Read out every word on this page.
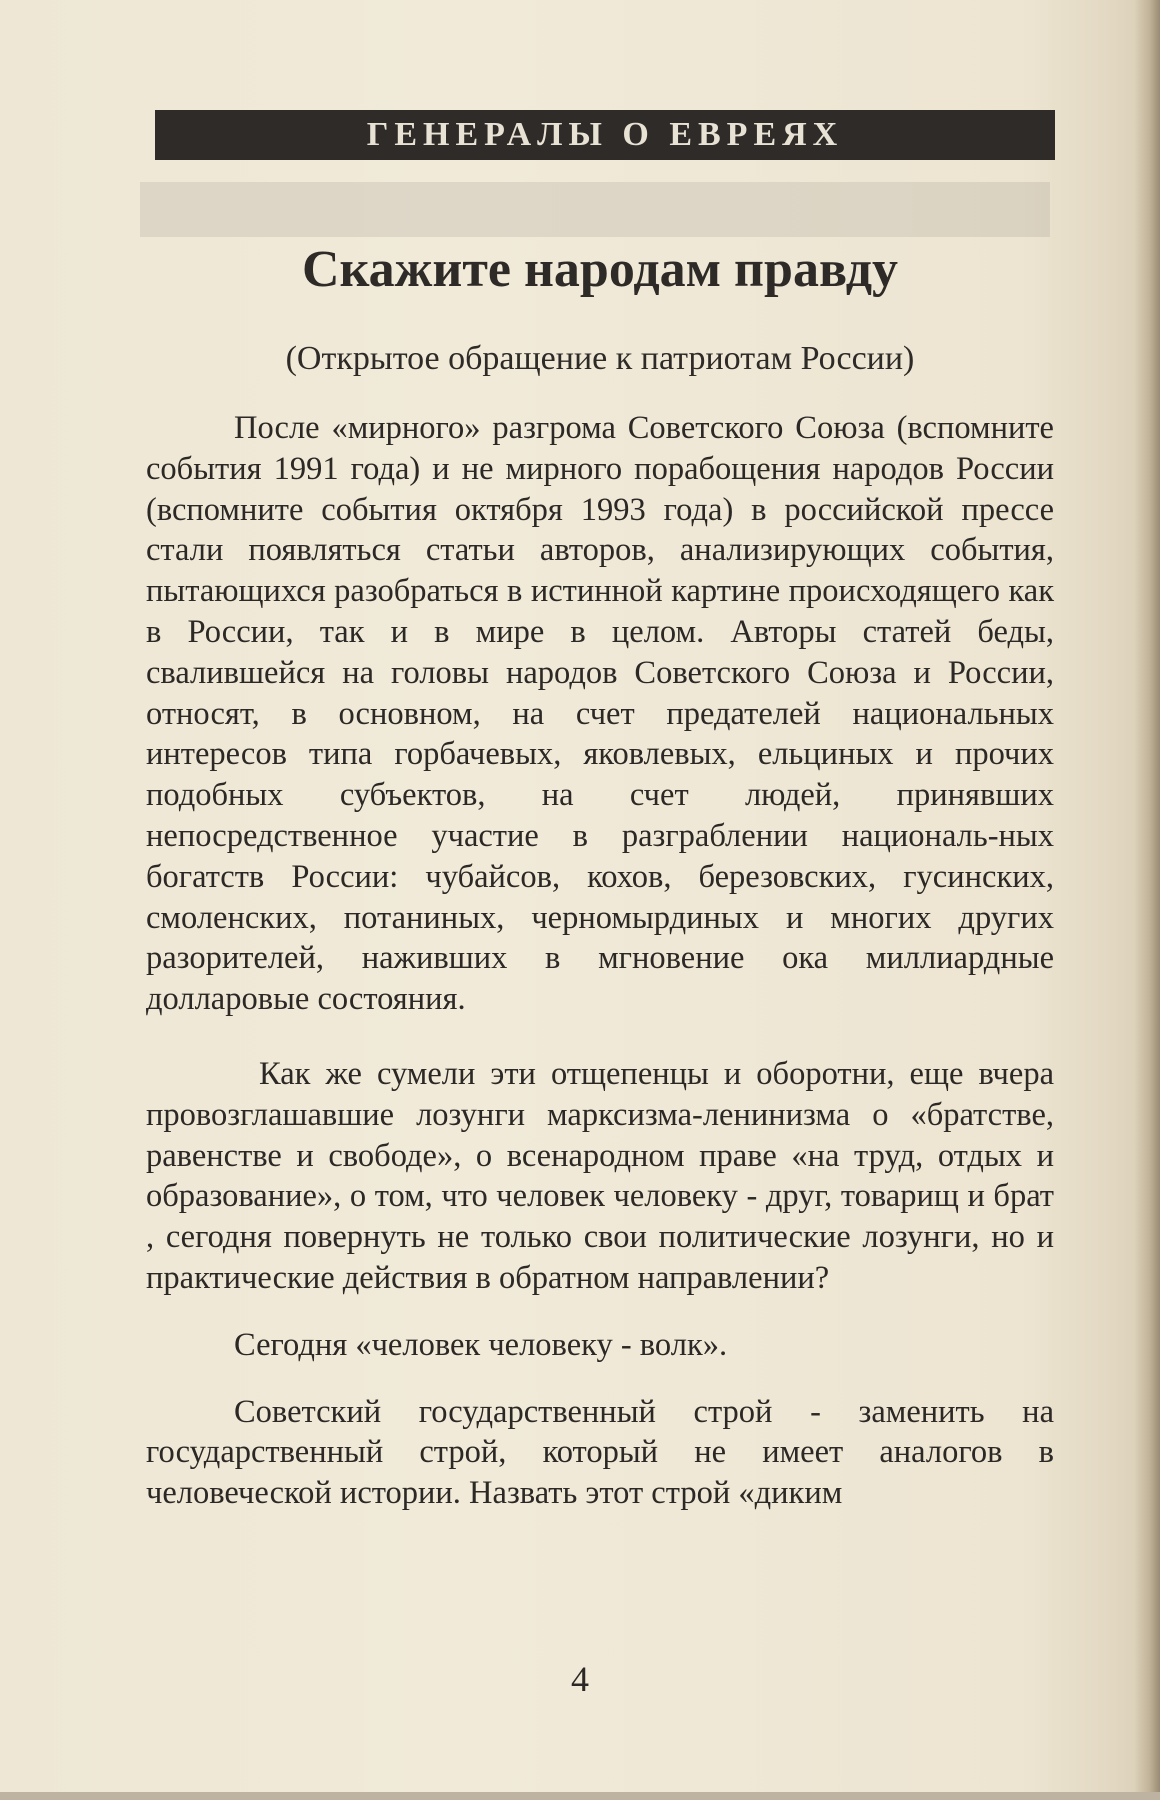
ГЕНЕРАЛЫ О ЕВРЕЯХ
Скажите народам правду

(Открытое обращение к патриотам России)

После «мирного» разгрома Советского Союза (вспомните события 1991 года) и не мирного порабощения народов России (вспомните события октября 1993 года) в российской прессе стали появляться статьи авторов, анализирующих события, пытающихся разобраться в истинной картине происходящего как в России, так и в мире в целом. Авторы статей беды, свалившейся на головы народов Советского Союза и России, относят, в основном, на счет предателей национальных интересов типа горбачевых, яковлевых, ельциных и прочих подобных субъектов, на счет людей, принявших непосредственное участие в разграблении националь-ных богатств России: чубайсов, кохов, березовских, гусинских, смоленских, потаниных, черномырдиных и многих других разорителей, наживших в мгновение ока миллиардные долларовые состояния.

Как же сумели эти отщепенцы и оборотни, еще вчера провозглашавшие лозунги марксизма-ленинизма о «братстве, равенстве и свободе», о всенародном праве «на труд, отдых и образование», о том, что человек человеку - друг, товарищ и брат , сегодня повернуть не только свои политические лозунги, но и практические действия в обратном направлении?

Сегодня «человек человеку - волк».

Советский государственный строй - заменить на государственный строй, который не имеет аналогов в человеческой истории. Назвать этот строй «диким

4
